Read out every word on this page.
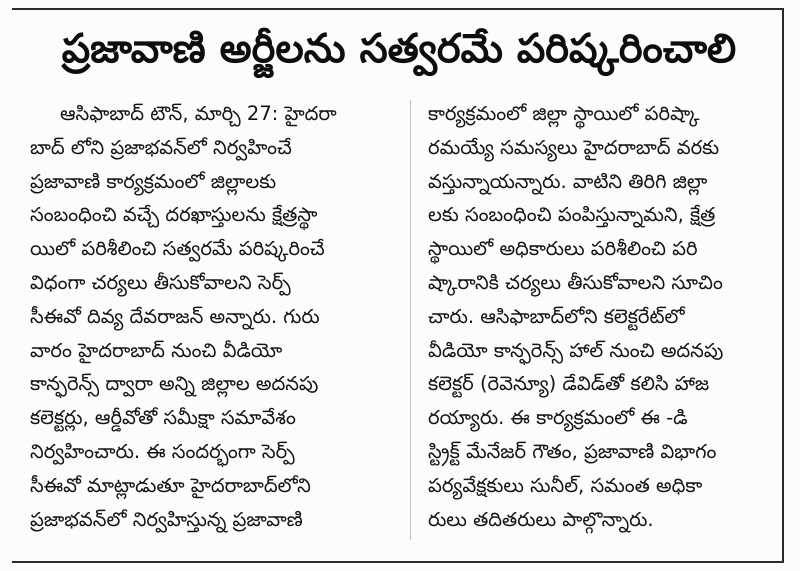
ప్రజావాణి అర్జీలను సత్వరమే పరిష్కరించాలి
ఆసిఫాబాద్ టౌన్, మార్చి 27: హైదరా
బాద్ లోని ప్రజాభవన్‌లో నిర్వహించే
ప్రజావాణి కార్యక్రమంలో జిల్లాలకు
సంబంధించి వచ్చే దరఖాస్తులను క్షేత్రస్థా
యిలో పరిశీలించి సత్వరమే పరిష్కరించే
విధంగా చర్యలు తీసుకోవాలని సెర్ప్
సీఈవో దివ్య దేవరాజన్ అన్నారు. గురు
వారం హైదరాబాద్ నుంచి వీడియో
కాన్ఫరెన్స్ ద్వారా అన్ని జిల్లాల అదనపు
కలెక్టర్లు, ఆర్డీవోతో సమీక్షా సమావేశం
నిర్వహించారు. ఈ సందర్భంగా సెర్ప్
సీఈవో మాట్లాడుతూ హైదరాబాద్‌లోని
ప్రజాభవన్‌లో నిర్వహిస్తున్న ప్రజావాణి
కార్యక్రమంలో జిల్లా స్థాయిలో పరిష్కా
రమయ్యే సమస్యలు హైదరాబాద్ వరకు
వస్తున్నాయన్నారు. వాటిని తిరిగి జిల్లా
లకు సంబంధించి పంపిస్తున్నామని, క్షేత్ర
స్థాయిలో అధికారులు పరిశీలించి పరి
ష్కారానికి చర్యలు తీసుకోవాలని సూచిం
చారు. ఆసిఫాబాద్‌లోని కలెక్టరేట్‌లో
వీడియో కాన్ఫరెన్స్ హాల్ నుంచి అదనపు
కలెక్టర్ (రెవెన్యూ) డేవిడ్‌తో కలిసి హాజ
రయ్యారు. ఈ కార్యక్రమంలో ఈ -డి
స్ట్రిక్ట్ మేనేజర్ గౌతం, ప్రజావాణి విభాగం
పర్యవేక్షకులు సునీల్, సమంత అధికా
రులు తదితరులు పాల్గొన్నారు.
